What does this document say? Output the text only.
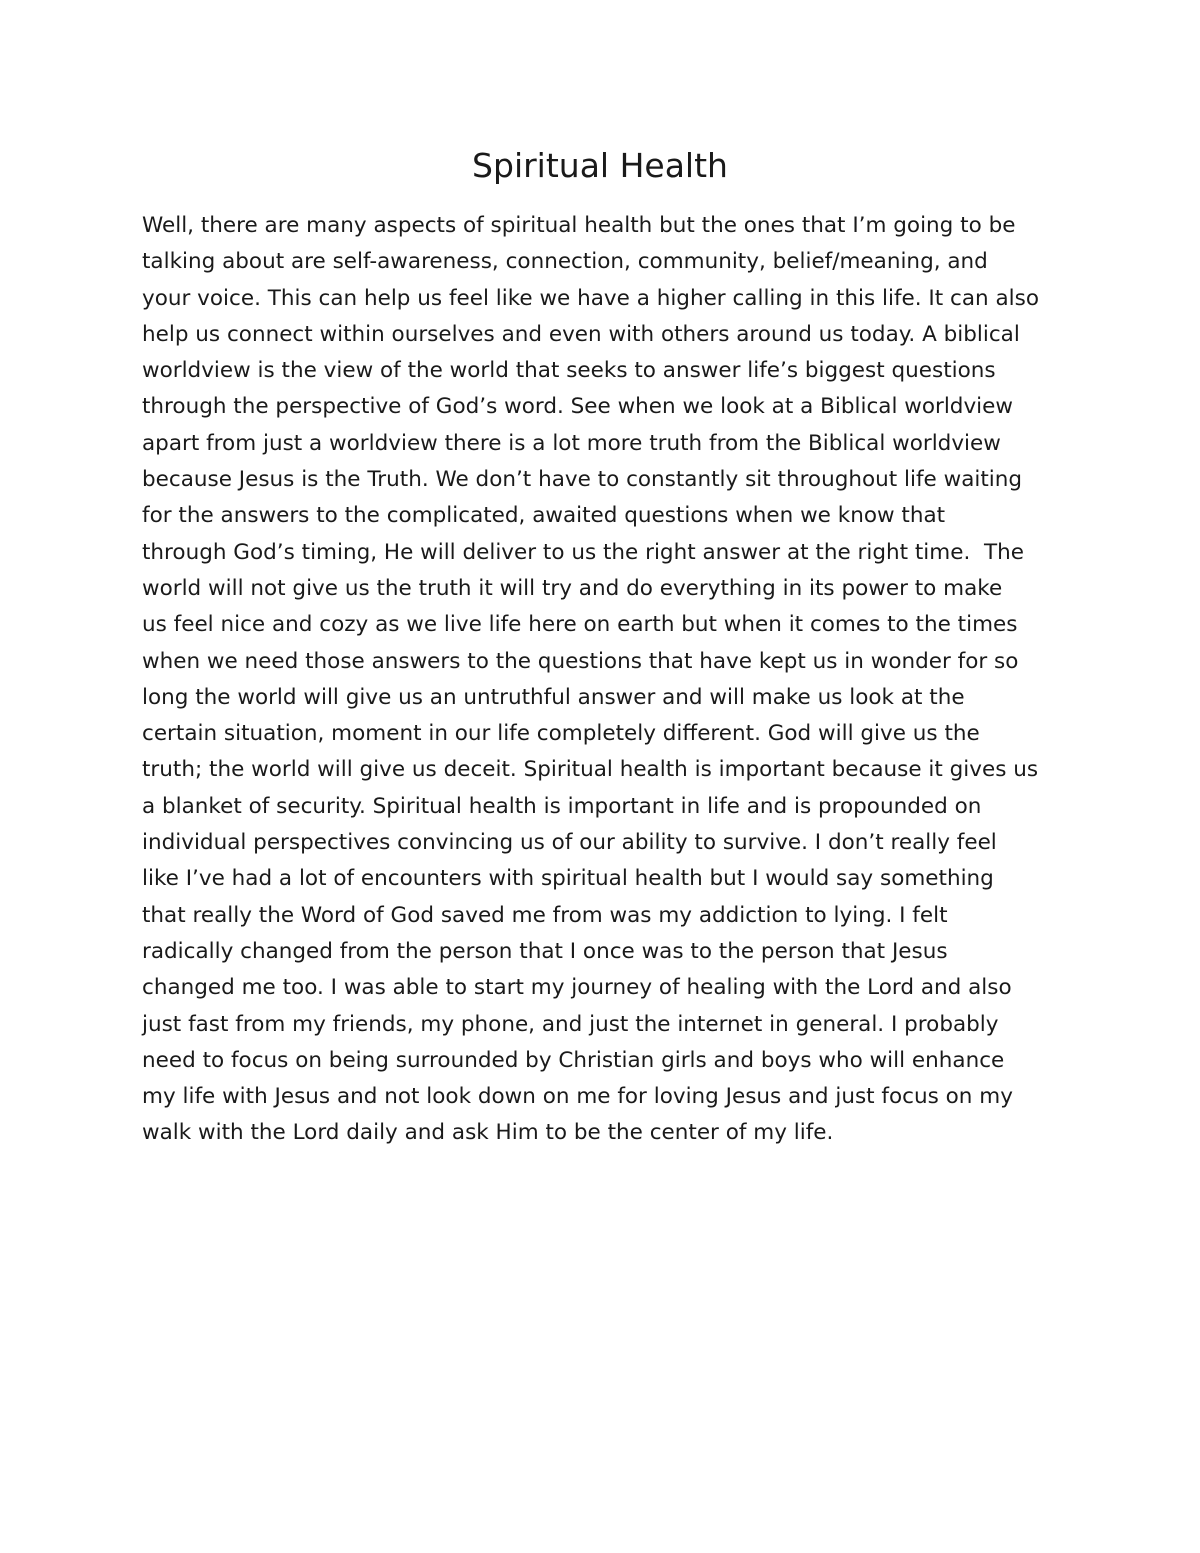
Spiritual Health

Well, there are many aspects of spiritual health but the ones that I’m going to be
talking about are self-awareness, connection, community, belief/meaning, and
your voice. This can help us feel like we have a higher calling in this life. It can also
help us connect within ourselves and even with others around us today. A biblical
worldview is the view of the world that seeks to answer life’s biggest questions
through the perspective of God’s word. See when we look at a Biblical worldview
apart from just a worldview there is a lot more truth from the Biblical worldview
because Jesus is the Truth. We don’t have to constantly sit throughout life waiting
for the answers to the complicated, awaited questions when we know that
through God’s timing, He will deliver to us the right answer at the right time.  The
world will not give us the truth it will try and do everything in its power to make
us feel nice and cozy as we live life here on earth but when it comes to the times
when we need those answers to the questions that have kept us in wonder for so
long the world will give us an untruthful answer and will make us look at the
certain situation, moment in our life completely different. God will give us the
truth; the world will give us deceit. Spiritual health is important because it gives us
a blanket of security. Spiritual health is important in life and is propounded on
individual perspectives convincing us of our ability to survive. I don’t really feel
like I’ve had a lot of encounters with spiritual health but I would say something
that really the Word of God saved me from was my addiction to lying. I felt
radically changed from the person that I once was to the person that Jesus
changed me too. I was able to start my journey of healing with the Lord and also
just fast from my friends, my phone, and just the internet in general. I probably
need to focus on being surrounded by Christian girls and boys who will enhance
my life with Jesus and not look down on me for loving Jesus and just focus on my
walk with the Lord daily and ask Him to be the center of my life.
